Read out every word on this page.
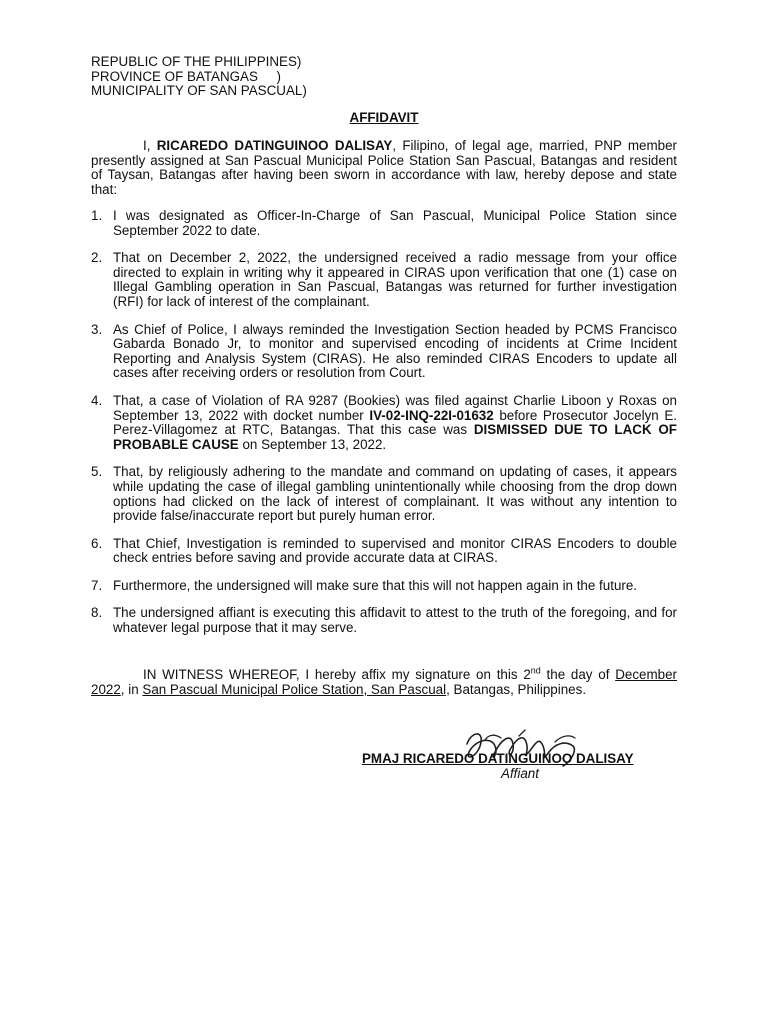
REPUBLIC OF THE PHILIPPINES)
PROVINCE OF BATANGAS     )
MUNICIPALITY OF SAN PASCUAL)
AFFIDAVIT
I, RICAREDO DATINGUINOO DALISAY, Filipino, of legal age, married, PNP member presently assigned at San Pascual Municipal Police Station San Pascual, Batangas and resident of Taysan, Batangas after having been sworn in accordance with law, hereby depose and state that:
1. I was designated as Officer-In-Charge of San Pascual, Municipal Police Station since September 2022 to date.
2. That on December 2, 2022, the undersigned received a radio message from your office directed to explain in writing why it appeared in CIRAS upon verification that one (1) case on Illegal Gambling operation in San Pascual, Batangas was returned for further investigation (RFI) for lack of interest of the complainant.
3. As Chief of Police, I always reminded the Investigation Section headed by PCMS Francisco Gabarda Bonado Jr, to monitor and supervised encoding of incidents at Crime Incident Reporting and Analysis System (CIRAS). He also reminded CIRAS Encoders to update all cases after receiving orders or resolution from Court.
4. That, a case of Violation of RA 9287 (Bookies) was filed against Charlie Liboon y Roxas on September 13, 2022 with docket number IV-02-INQ-22I-01632 before Prosecutor Jocelyn E. Perez-Villagomez at RTC, Batangas. That this case was DISMISSED DUE TO LACK OF PROBABLE CAUSE on September 13, 2022.
5. That, by religiously adhering to the mandate and command on updating of cases, it appears while updating the case of illegal gambling unintentionally while choosing from the drop down options had clicked on the lack of interest of complainant. It was without any intention to provide false/inaccurate report but purely human error.
6. That Chief, Investigation is reminded to supervised and monitor CIRAS Encoders to double check entries before saving and provide accurate data at CIRAS.
7. Furthermore, the undersigned will make sure that this will not happen again in the future.
8. The undersigned affiant is executing this affidavit to attest to the truth of the foregoing, and for whatever legal purpose that it may serve.
IN WITNESS WHEREOF, I hereby affix my signature on this 2nd the day of December 2022, in San Pascual Municipal Police Station, San Pascual, Batangas, Philippines.
PMAJ RICAREDO DATINGUINOO DALISAY
Affiant
